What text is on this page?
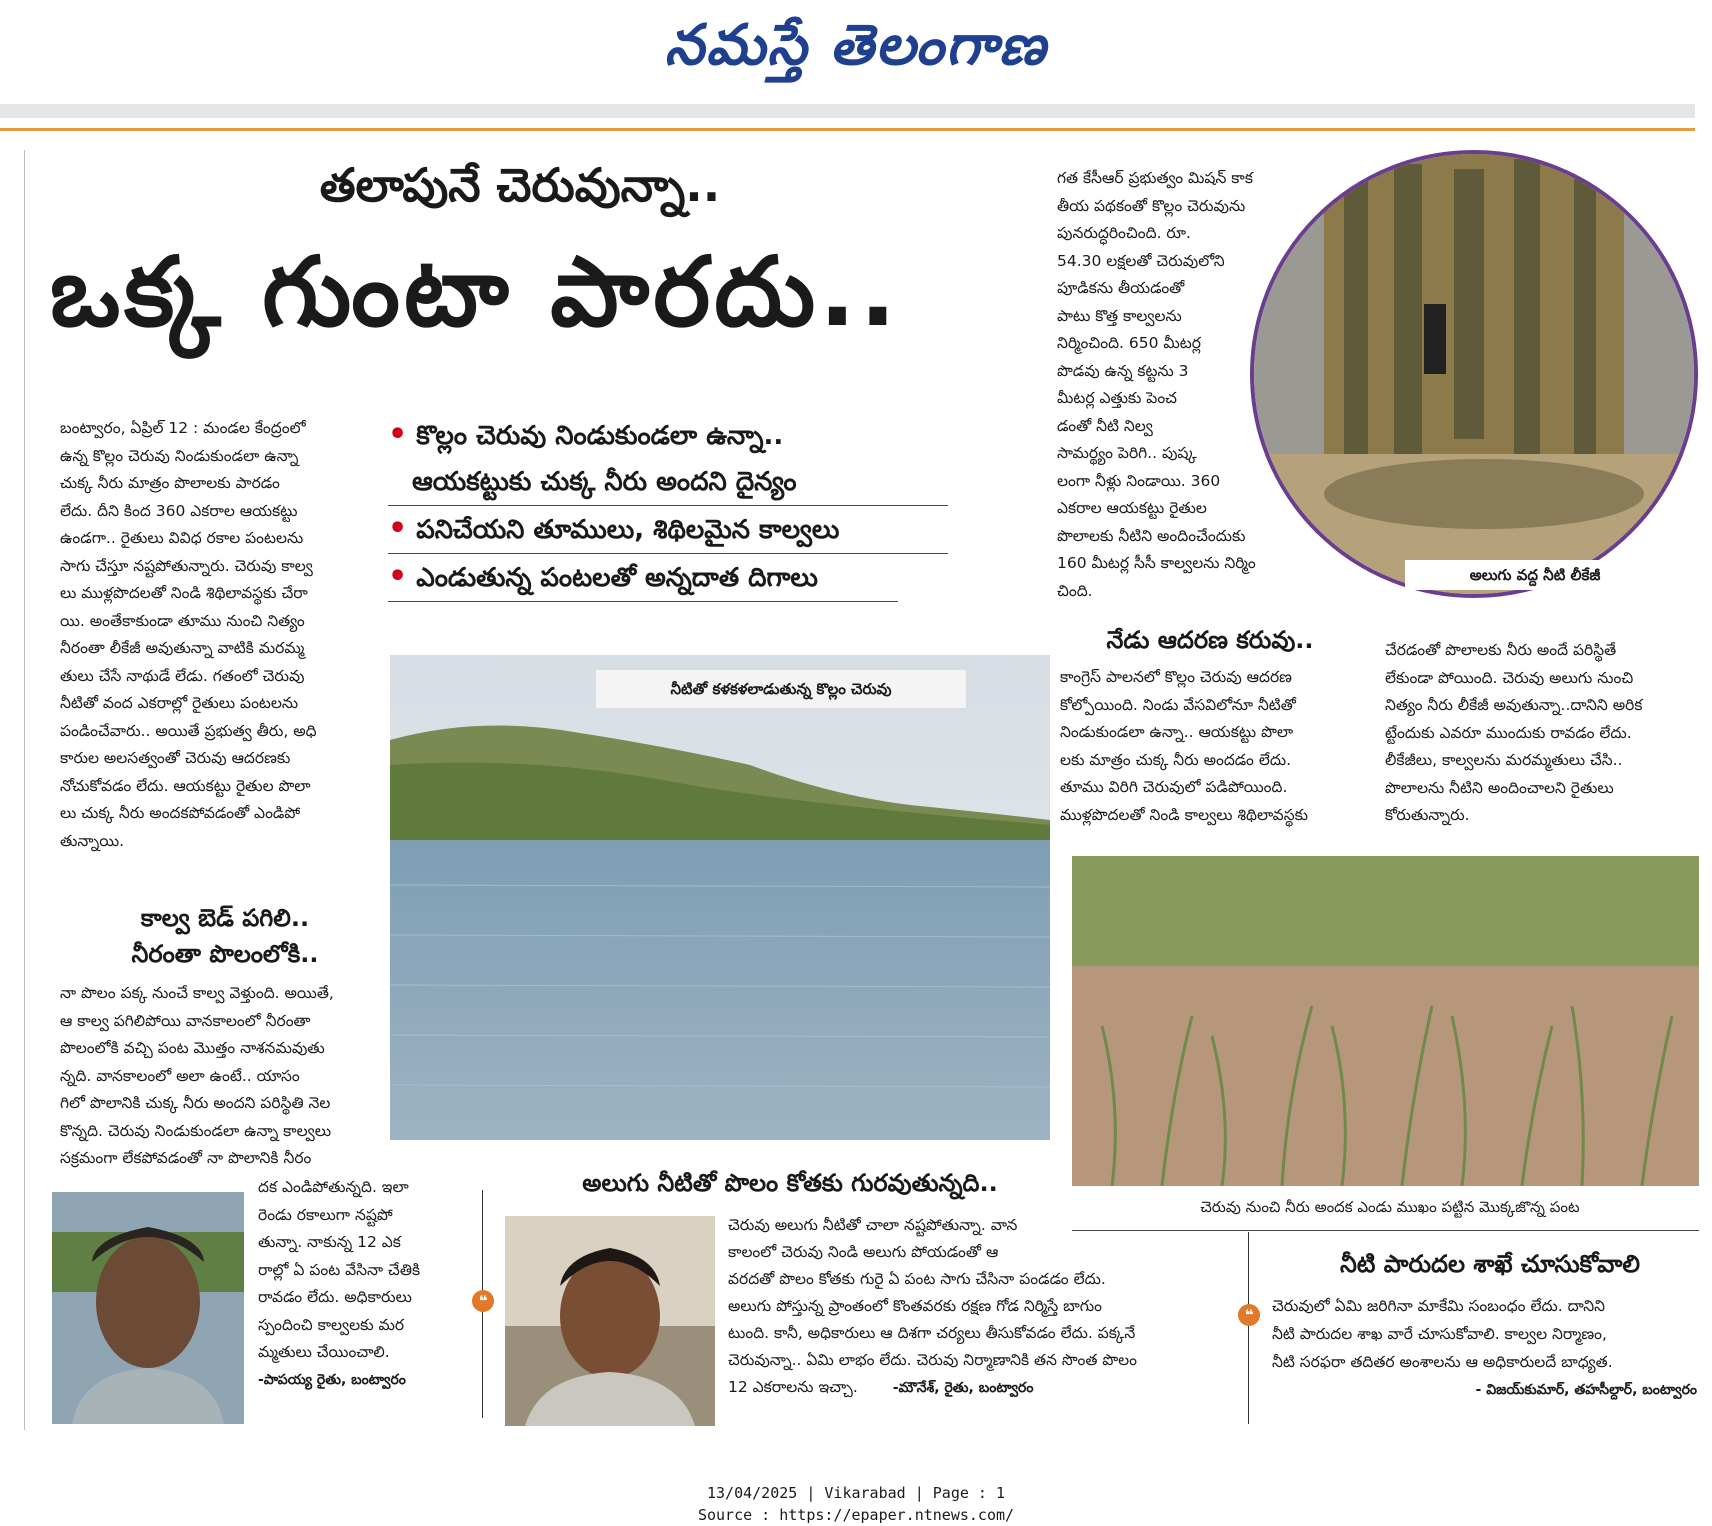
నమస్తే తెలంగాణ
తలాపునే చెరువున్నా..
ఒక్క గుంటా పారదు..
బంట్వారం, ఏప్రిల్ 12 : మండల కేంద్రంలో
ఉన్న కొల్లం చెరువు నిండుకుండలా ఉన్నా
చుక్క నీరు మాత్రం పొలాలకు పారడం
లేదు. దీని కింద 360 ఎకరాల ఆయకట్టు
ఉండగా.. రైతులు వివిధ రకాల పంటలను
సాగు చేస్తూ నష్టపోతున్నారు. చెరువు కాల్వ
లు ముళ్లపొదలతో నిండి శిథిలావస్థకు చేరా
యి. అంతేకాకుండా తూము నుంచి నిత్యం
నీరంతా లీకేజీ అవుతున్నా వాటికి మరమ్మ
తులు చేసే నాథుడే లేడు. గతంలో చెరువు
నీటితో వంద ఎకరాల్లో రైతులు పంటలను
పండించేవారు.. అయితే ప్రభుత్వ తీరు, అధి
కారుల అలసత్వంతో చెరువు ఆదరణకు
నోచుకోవడం లేదు. ఆయకట్టు రైతుల పొలా
లు చుక్క నీరు అందకపోవడంతో ఎండిపో
తున్నాయి.
• కొల్లం చెరువు నిండుకుండలా ఉన్నా..
ఆయకట్టుకు చుక్క నీరు అందని దైన్యం
• పనిచేయని తూములు, శిథిలమైన కాల్వలు
• ఎండుతున్న పంటలతో అన్నదాత దిగాలు
నీటితో కళకళలాడుతున్న కొల్లం చెరువు
కాల్వ బెడ్ పగిలి..
నీరంతా పొలంలోకి..
నా పొలం పక్క నుంచే కాల్వ వెళ్తుంది. అయితే,
ఆ కాల్వ పగిలిపోయి వానకాలంలో నీరంతా
పొలంలోకి వచ్చి పంట మొత్తం నాశనమవుతు
న్నది. వానకాలంలో అలా ఉంటే.. యాసం
గిలో పొలానికి చుక్క నీరు అందని పరిస్థితి నెల
కొన్నది. చెరువు నిండుకుండలా ఉన్నా కాల్వలు
సక్రమంగా లేకపోవడంతో నా పొలానికి నీరం
దక ఎండిపోతున్నది. ఇలా
రెండు రకాలుగా నష్టపో
తున్నా. నాకున్న 12 ఎక
రాల్లో ఏ పంట వేసినా చేతికి
రావడం లేదు. అధికారులు
స్పందించి కాల్వలకు మర
మ్మతులు చేయించాలి.
-పాపయ్య రైతు, బంట్వారం
❝
అలుగు నీటితో పొలం కోతకు గురవుతున్నది..
చెరువు అలుగు నీటితో చాలా నష్టపోతున్నా. వాన
కాలంలో చెరువు నిండి అలుగు పోయడంతో ఆ
వరదతో పొలం కోతకు గురై ఏ పంట సాగు చేసినా పండడం లేదు.
అలుగు పోస్తున్న ప్రాంతంలో కొంతవరకు రక్షణ గోడ నిర్మిస్తే బాగుం
టుంది. కానీ, అధికారులు ఆ దిశగా చర్యలు తీసుకోవడం లేదు. పక్కనే
చెరువున్నా.. ఏమి లాభం లేదు. చెరువు నిర్మాణానికి తన సొంత పొలం
12 ఎకరాలను ఇచ్చా. -మౌనేశ్, రైతు, బంట్వారం
గత కేసీఆర్ ప్రభుత్వం మిషన్ కాక
తీయ పథకంతో కొల్లం చెరువును
పునరుద్ధరించింది. రూ.
54.30 లక్షలతో చెరువులోని
పూడికను తీయడంతో
పాటు కొత్త కాల్వలను
నిర్మించింది. 650 మీటర్ల
పొడవు ఉన్న కట్టను 3
మీటర్ల ఎత్తుకు పెంచ
డంతో నీటి నిల్వ
సామర్థ్యం పెరిగి.. పుష్క
లంగా నీళ్లు నిండాయి. 360
ఎకరాల ఆయకట్టు రైతుల
పొలాలకు నీటిని అందించేందుకు
160 మీటర్ల సీసీ కాల్వలను నిర్మిం
చింది.
అలుగు వద్ద నీటి లీకేజీ
నేడు ఆదరణ కరువు..
కాంగ్రెస్ పాలనలో కొల్లం చెరువు ఆదరణ
కోల్పోయింది. నిండు వేసవిలోనూ నీటితో
నిండుకుండలా ఉన్నా.. ఆయకట్టు పొలా
లకు మాత్రం చుక్క నీరు అందడం లేదు.
తూము విరిగి చెరువులో పడిపోయింది.
ముళ్లపొదలతో నిండి కాల్వలు శిథిలావస్థకు
చేరడంతో పొలాలకు నీరు అందే పరిస్థితే
లేకుండా పోయింది. చెరువు అలుగు నుంచి
నిత్యం నీరు లీకేజీ అవుతున్నా..దానిని అరిక
ట్టేందుకు ఎవరూ ముందుకు రావడం లేదు.
లీకేజీలు, కాల్వలను మరమ్మతులు చేసి..
పొలాలను నీటిని అందించాలని రైతులు
కోరుతున్నారు.
చెరువు నుంచి నీరు అందక ఎండు ముఖం పట్టిన మొక్కజొన్న పంట
❝
నీటి పారుదల శాఖే చూసుకోవాలి
చెరువులో ఏమి జరిగినా మాకేమి సంబంధం లేదు. దానిని
నీటి పారుదల శాఖ వారే చూసుకోవాలి. కాల్వల నిర్మాణం,
నీటి సరఫరా తదితర అంశాలను ఆ అధికారులదే బాధ్యత.
- విజయ్‌కుమార్, తహసీల్దార్, బంట్వారం
13/04/2025 | Vikarabad | Page : 1
Source : https://epaper.ntnews.com/
